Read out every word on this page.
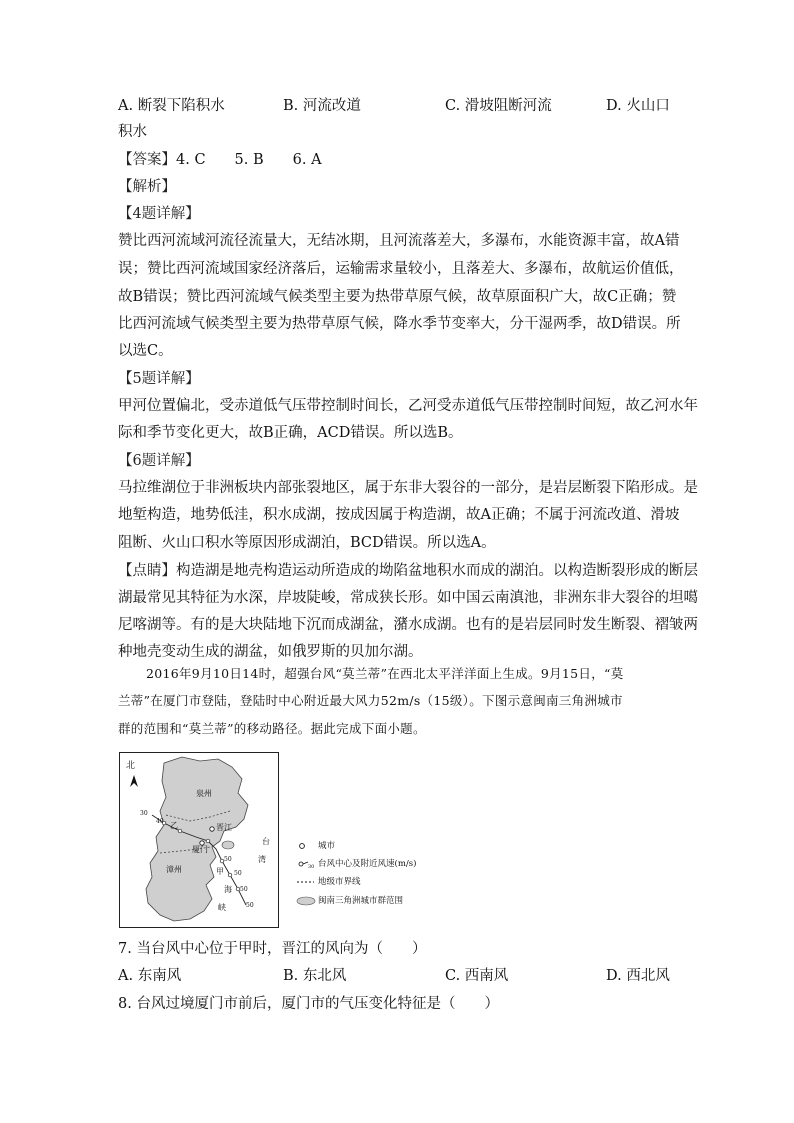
A. 断裂下陷积水	B. 河流改道	C. 滑坡阻断河流	D. 火山口
积水
【答案】4. C　　5. B　　6. A
【解析】
【4题详解】
赞比西河流域河流径流量大，无结冰期，且河流落差大，多瀑布，水能资源丰富，故A错
误；赞比西河流域国家经济落后，运输需求量较小，且落差大、多瀑布，故航运价值低，
故B错误；赞比西河流域气候类型主要为热带草原气候，故草原面积广大，故C正确；赞
比西河流域气候类型主要为热带草原气候，降水季节变率大，分干湿两季，故D错误。所
以选C。
【5题详解】
甲河位置偏北，受赤道低气压带控制时间长，乙河受赤道低气压带控制时间短，故乙河水年
际和季节变化更大，故B正确，ACD错误。所以选B。
【6题详解】
马拉维湖位于非洲板块内部张裂地区，属于东非大裂谷的一部分，是岩层断裂下陷形成。是
地堑构造，地势低洼，积水成湖，按成因属于构造湖，故A正确；不属于河流改道、滑坡
阻断、火山口积水等原因形成湖泊，BCD错误。所以选A。
【点睛】构造湖是地壳构造运动所造成的坳陷盆地积水而成的湖泊。以构造断裂形成的断层
湖最常见其特征为水深，岸坡陡峻，常成狭长形。如中国云南滇池，非洲东非大裂谷的坦噶
尼喀湖等。有的是大块陆地下沉而成湖盆，潴水成湖。也有的是岩层同时发生断裂、褶皱两
种地壳变动生成的湖盆，如俄罗斯的贝加尔湖。
2016年9月10日14时，超强台风“莫兰蒂”在西北太平洋洋面上生成。9月15日，“莫
兰蒂”在厦门市登陆，登陆时中心附近最大风力52m/s（15级）。下图示意闽南三角洲城市
群的范围和“莫兰蒂”的移动路径。据此完成下面小题。
北
泉州
晋江
厦门
漳州
台
湾
海
峡
甲
乙
30
40
50
50
50
50
城市
30 台风中心及附近风速(m/s)
地级市界线
闽南三角洲城市群范围
7. 当台风中心位于甲时，晋江的风向为（　　）
A. 东南风	B. 东北风	C. 西南风	D. 西北风
8. 台风过境厦门市前后，厦门市的气压变化特征是（　　）
